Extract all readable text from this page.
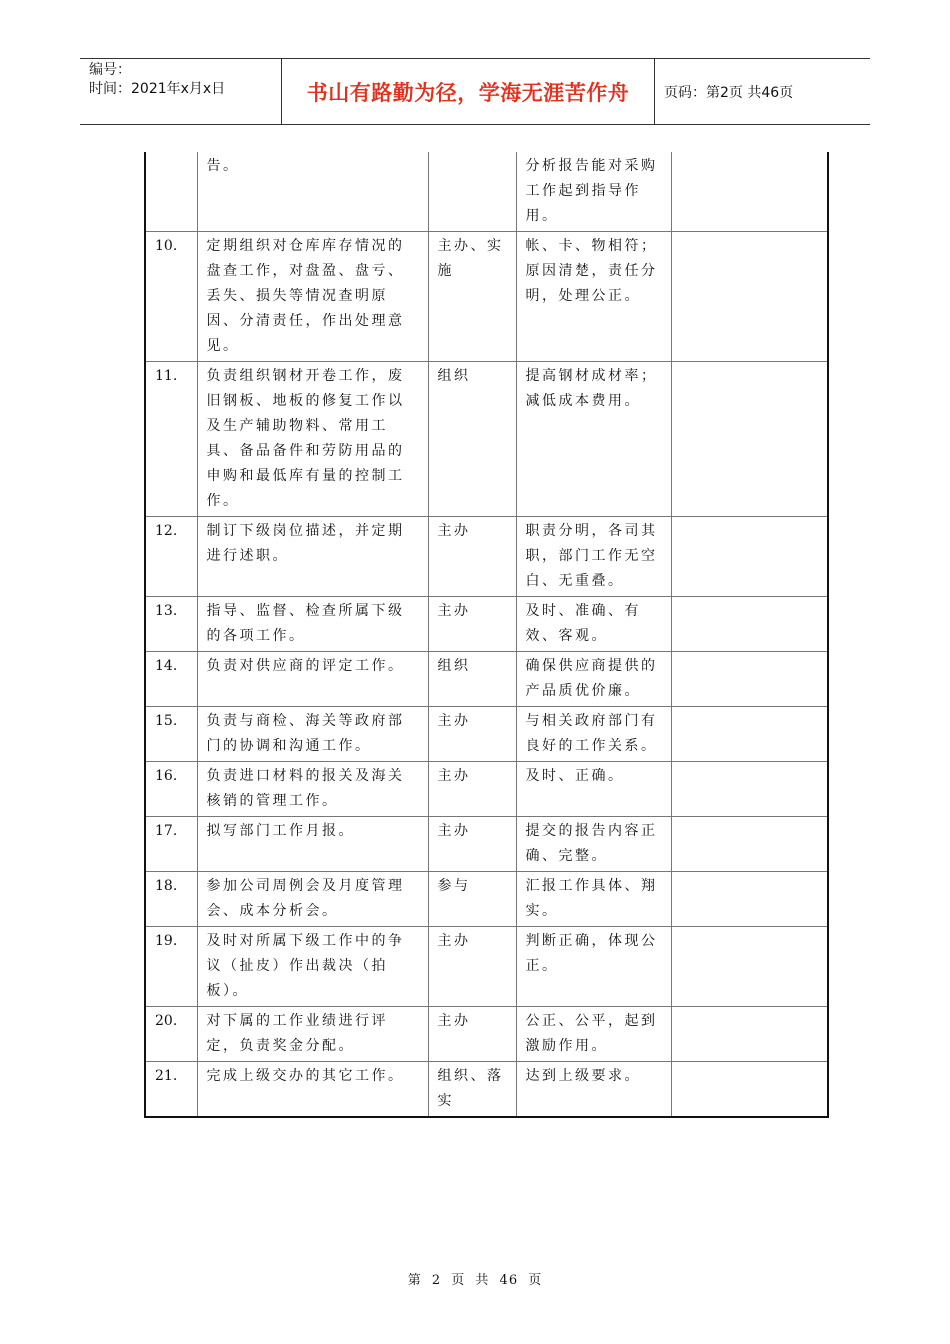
编号：
时间：2021年x月x日	书山有路勤为径，学海无涯苦作舟	页码：第2页 共46页
	告。		分析报告能对采购工作起到指导作用。	
10.	定期组织对仓库库存情况的盘查工作，对盘盈、盘亏、丢失、损失等情况查明原因、分清责任，作出处理意见。	主办、实施	帐、卡、物相符；原因清楚，责任分明，处理公正。	
11.	负责组织钢材开卷工作，废旧钢板、地板的修复工作以及生产辅助物料、常用工具、备品备件和劳防用品的申购和最低库有量的控制工作。	组织	提高钢材成材率；减低成本费用。	
12.	制订下级岗位描述，并定期进行述职。	主办	职责分明，各司其职，部门工作无空白、无重叠。	
13.	指导、监督、检查所属下级的各项工作。	主办	及时、准确、有效、客观。	
14.	负责对供应商的评定工作。	组织	确保供应商提供的产品质优价廉。	
15.	负责与商检、海关等政府部门的协调和沟通工作。	主办	与相关政府部门有良好的工作关系。	
16.	负责进口材料的报关及海关核销的管理工作。	主办	及时、正确。	
17.	拟写部门工作月报。	主办	提交的报告内容正确、完整。	
18.	参加公司周例会及月度管理会、成本分析会。	参与	汇报工作具体、翔实。	
19.	及时对所属下级工作中的争议（扯皮）作出裁决（拍板）。	主办	判断正确，体现公正。	
20.	对下属的工作业绩进行评定，负责奖金分配。	主办	公正、公平，起到激励作用。	
21.	完成上级交办的其它工作。	组织、落实	达到上级要求。	
第 2 页 共 46 页
